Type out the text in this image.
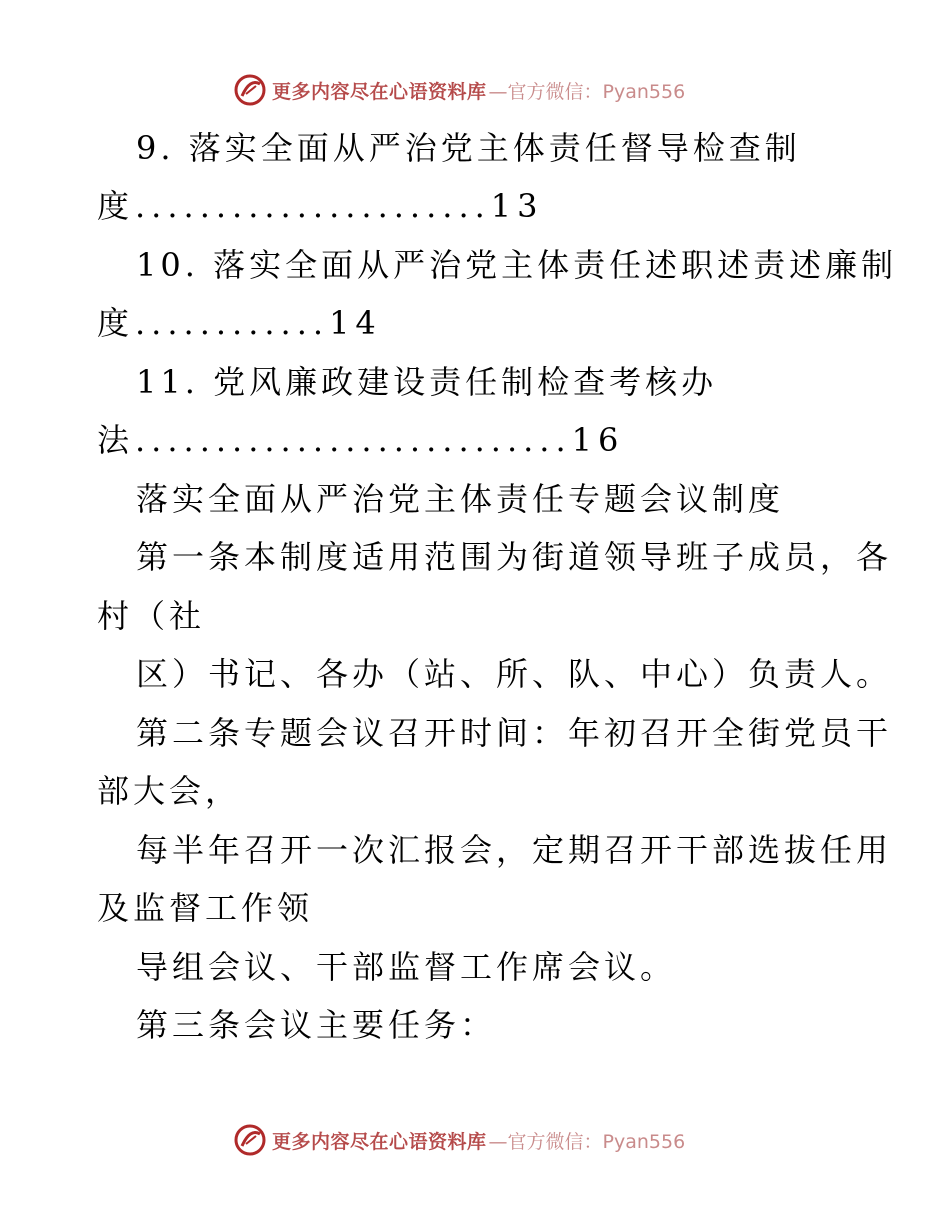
更多内容尽在心语资料库 —官方微信：Pyan556
9. 落实全面从严治党主体责任督导检查制
度......................13
10. 落实全面从严治党主体责任述职述责述廉制
度............14
11. 党风廉政建设责任制检查考核办
法...........................16
落实全面从严治党主体责任专题会议制度
第一条本制度适用范围为街道领导班子成员，各
村（社
区）书记、各办（站、所、队、中心）负责人。
第二条专题会议召开时间：年初召开全街党员干
部大会，
每半年召开一次汇报会，定期召开干部选拔任用
及监督工作领
导组会议、干部监督工作席会议。
第三条会议主要任务：
更多内容尽在心语资料库 —官方微信：Pyan556
